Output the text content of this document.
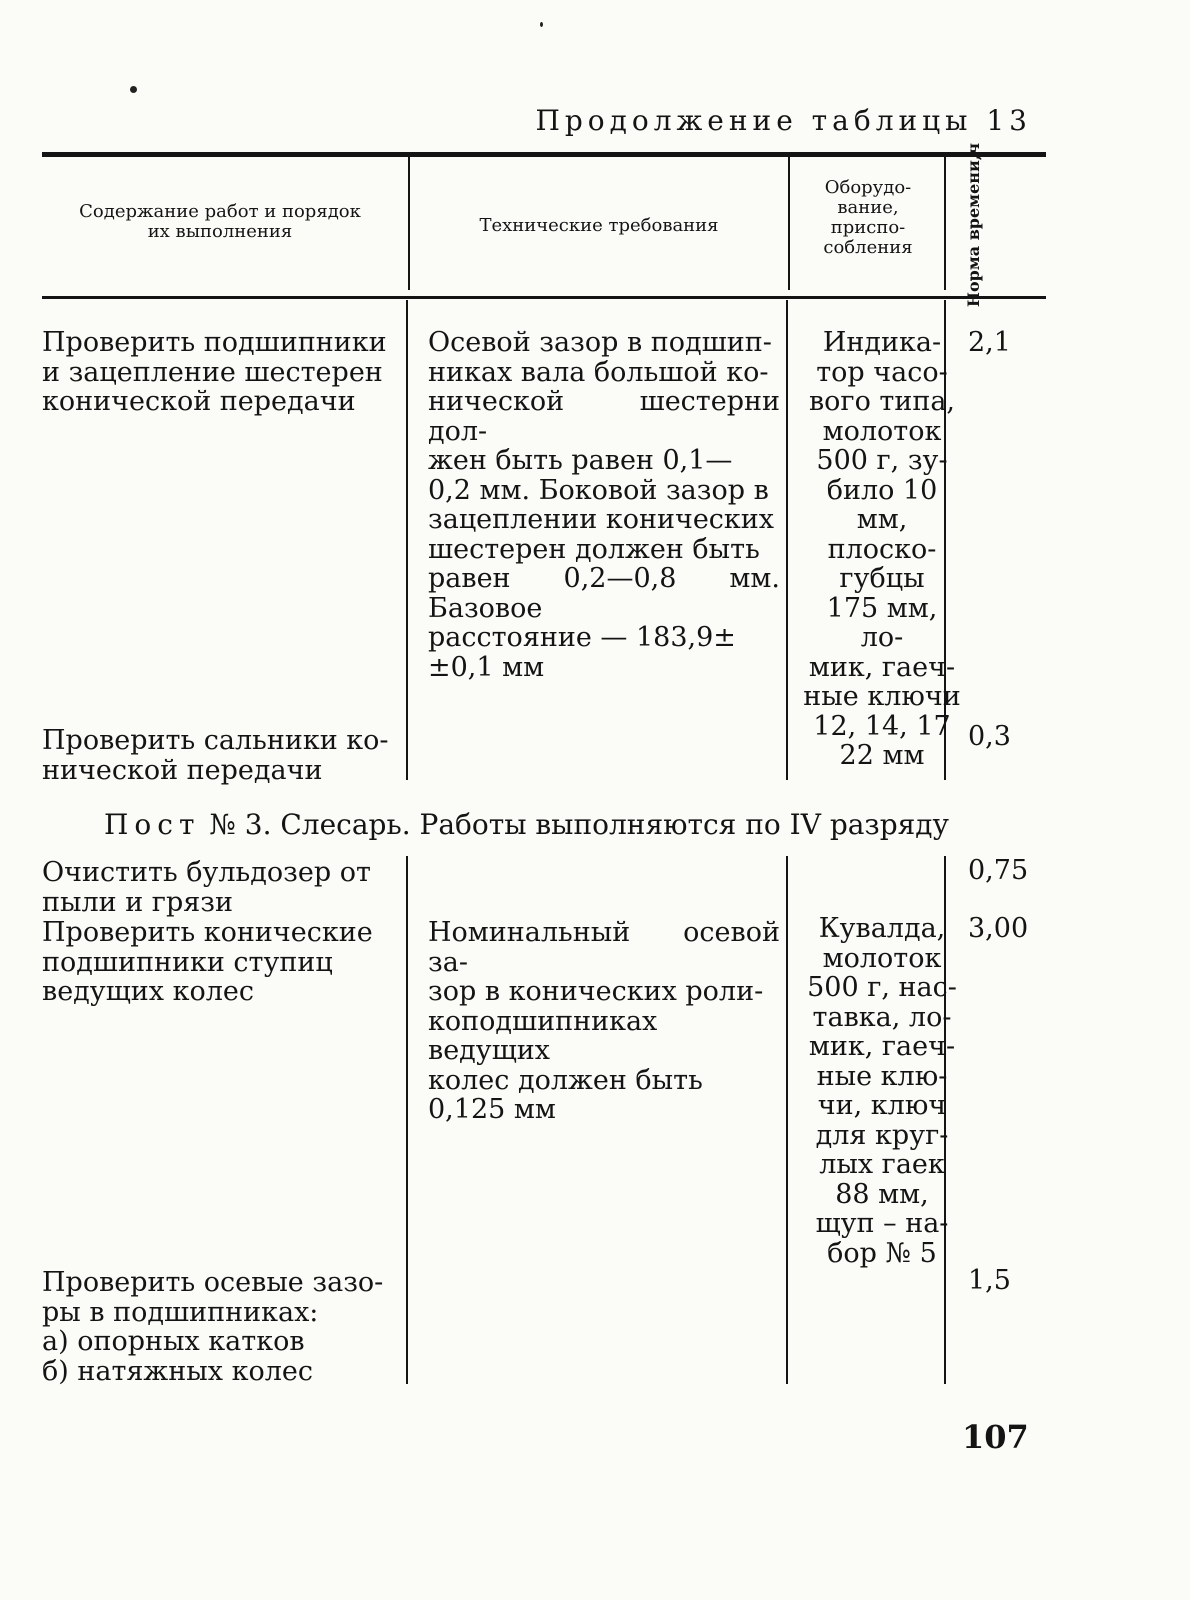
Продолжение таблицы 13
Содержание работ и порядок
их выполнения	Технические требования
Оборудо-
вание,
приспо-
собления	Норма времени,ч
Проверить подшипники
и зацепление шестерен
конической передачи
Осевой зазор в подшип-
никах вала большой ко-
нической шестерни дол-
жен быть равен 0,1—
0,2 мм. Боковой зазор в
зацеплении конических
шестерен должен быть
равен 0,2—0,8 мм. Базовое
расстояние — 183,9±
±0,1 мм
Индика-
тор часо-
вого типа,
молоток
500 г, зу-
било 10 мм,
плоско-
губцы
175 мм, ло-
мик, гаеч-
ные ключи
12, 14, 17
22 мм
2,1
Проверить сальники ко-
нической передачи
0,3
Пост № 3. Слесарь. Работы выполняются по IV разряду
Очистить бульдозер от
пыли и грязи
0,75
Проверить конические
подшипники ступиц
ведущих колес
Номинальный осевой за-
зор в конических роли-
коподшипниках ведущих
колес должен быть
0,125 мм
Кувалда,
молоток
500 г, нас-
тавка, ло-
мик, гаеч-
ные клю-
чи, ключ
для круг-
лых гаек
88 мм,
щуп – на-
бор № 5
3,00
Проверить осевые зазо-
ры в подшипниках:
а) опорных катков
б) натяжных колес
1,5
107
